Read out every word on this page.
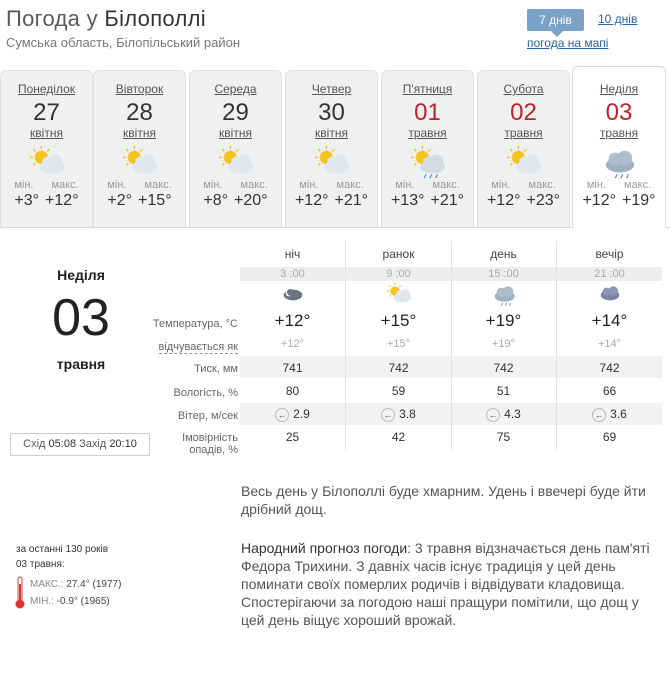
Погода у Білополлі
Сумська область, Білопільський район
7 днів	10 днів
погода на мапі
Понеділок
27
квітня
мін. макс.
+3° +12°
Вівторок
28
квітня
мін. макс.
+2° +15°
Середа
29
квітня
мін. макс.
+8° +20°
Четвер
30
квітня
мін. макс.
+12° +21°
П'ятниця
01
травня
мін. макс.
+13° +21°
Субота
02
травня
мін. макс.
+12° +23°
Неділя
03
травня
мін. макс.
+12° +19°
Неділя
03
травня
Схід 05:08 Захід 20:10
Температура, °C
відчувається як
Тиск, мм
Вологість, %
Вітер, м/сек
Імовірність
опадів, %
ніч
3 :00
+12°
+12°
741
80
← 2.9
25
ранок
9 :00
+15°
+15°
742
59
← 3.8
42
день
15 :00
+19°
+19°
742
51
← 4.3
75
вечір
21 :00
+14°
+14°
742
66
← 3.6
69
Весь день у Білополлі буде хмарним. Удень і ввечері буде йти дрібний дощ.
Народний прогноз погоди: 3 травня відзначається день пам'яті Федора Трихини. З давніх часів існує традиція у цей день поминати своїх померлих родичів і відвідувати кладовища. Спостерігаючи за погодою наші пращури помітили, що дощ у цей день віщує хороший врожай.
за останні 130 років
03 травня:
МАКС.: 27.4° (1977)
МІН.: -0.9° (1965)
